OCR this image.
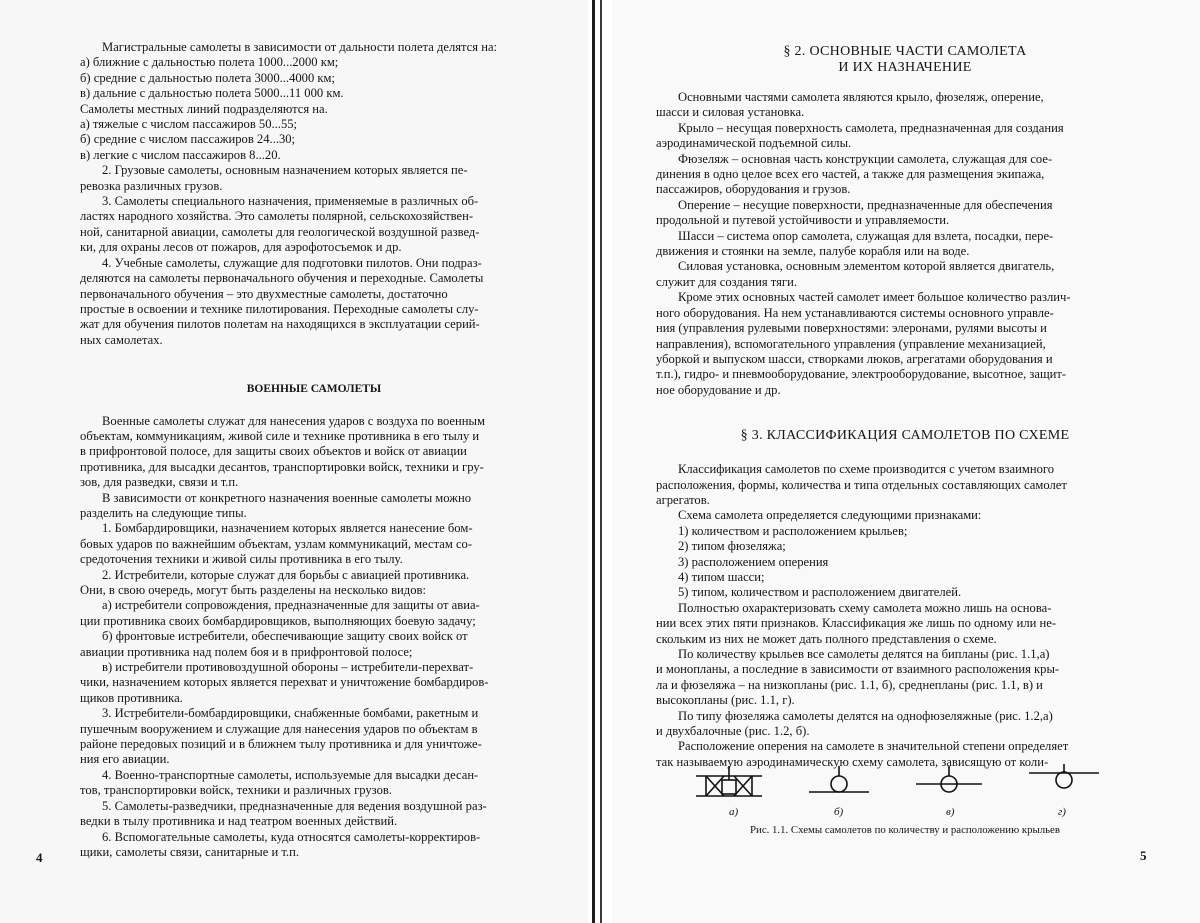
Магистральные самолеты в зависимости от дальности полета делятся на:
а) ближние с дальностью полета 1000...2000 км;
б) средние с дальностью полета 3000...4000 км;
в) дальние с дальностью полета 5000...11 000 км.
Самолеты местных линий подразделяются на.
а) тяжелые с числом пассажиров 50...55;
б) средние с числом пассажиров 24...30;
в) легкие с числом пассажиров 8...20.
2. Грузовые самолеты, основным назначением которых является пе-
ревозка различных грузов.
3. Самолеты специального назначения, применяемые в различных об-
ластях народного хозяйства. Это самолеты полярной, сельскохозяйствен-
ной, санитарной авиации, самолеты для геологической воздушной развед-
ки, для охраны лесов от пожаров, для аэрофотосъемок и др.
4. Учебные самолеты, служащие для подготовки пилотов. Они подраз-
деляются на самолеты первоначального обучения и переходные. Самолеты
первоначального обучения – это двухместные самолеты, достаточно
простые в освоении и технике пилотирования. Переходные самолеты слу-
жат для обучения пилотов полетам на находящихся в эксплуатации серий-
ных самолетах.
ВОЕННЫЕ САМОЛЕТЫ
Военные самолеты служат для нанесения ударов с воздуха по военным
объектам, коммуникациям, живой силе и технике противника в его тылу и
в прифронтовой полосе, для защиты своих объектов и войск от авиации
противника, для высадки десантов, транспортировки войск, техники и гру-
зов, для разведки, связи и т.п.
В зависимости от конкретного назначения военные самолеты можно
разделить на следующие типы.
1. Бомбардировщики, назначением которых является нанесение бом-
бовых ударов по важнейшим объектам, узлам коммуникаций, местам со-
средоточения техники и живой силы противника в его тылу.
2. Истребители, которые служат для борьбы с авиацией противника.
Они, в свою очередь, могут быть разделены на несколько видов:
а) истребители сопровождения, предназначенные для защиты от авиа-
ции противника своих бомбардировщиков, выполняющих боевую задачу;
б) фронтовые истребители, обеспечивающие защиту своих войск от
авиации противника над полем боя и в прифронтовой полосе;
в) истребители противовоздушной обороны – истребители-перехват-
чики, назначением которых является перехват и уничтожение бомбардиров-
щиков противника.
3. Истребители-бомбардировщики, снабженные бомбами, ракетным и
пушечным вооружением и служащие для нанесения ударов по объектам в
районе передовых позиций и в ближнем тылу противника и для уничтоже-
ния его авиации.
4. Военно-транспортные самолеты, используемые для высадки десан-
тов, транспортировки войск, техники и различных грузов.
5. Самолеты-разведчики, предназначенные для ведения воздушной раз-
ведки в тылу противника и над театром военных действий.
6. Вспомогательные самолеты, куда относятся самолеты-корректиров-
щики, самолеты связи, санитарные и т.п.
4
§ 2. ОСНОВНЫЕ ЧАСТИ САМОЛЕТА
И ИХ НАЗНАЧЕНИЕ
Основными частями самолета являются крыло, фюзеляж, оперение,
шасси и силовая установка.
Крыло – несущая поверхность самолета, предназначенная для создания
аэродинамической подъемной силы.
Фюзеляж – основная часть конструкции самолета, служащая для сое-
динения в одно целое всех его частей, а также для размещения экипажа,
пассажиров, оборудования и грузов.
Оперение – несущие поверхности, предназначенные для обеспечения
продольной и путевой устойчивости и управляемости.
Шасси – система опор самолета, служащая для взлета, посадки, пере-
движения и стоянки на земле, палубе корабля или на воде.
Силовая установка, основным элементом которой является двигатель,
служит для создания тяги.
Кроме этих основных частей самолет имеет большое количество различ-
ного оборудования. На нем устанавливаются системы основного управле-
ния (управления рулевыми поверхностями: элеронами, рулями высоты и
направления), вспомогательного управления (управление механизацией,
уборкой и выпуском шасси, створками люков, агрегатами оборудования и
т.п.), гидро- и пневмооборудование, электрооборудование, высотное, защит-
ное оборудование и др.
§ 3. КЛАССИФИКАЦИЯ САМОЛЕТОВ ПО СХЕМЕ
Классификация самолетов по схеме производится с учетом взаимного
расположения, формы, количества и типа отдельных составляющих самолет
агрегатов.
Схема самолета определяется следующими признаками:
1) количеством и расположением крыльев;
2) типом фюзеляжа;
3) расположением оперения
4) типом шасси;
5) типом, количеством и расположением двигателей.
Полностью охарактеризовать схему самолета можно лишь на основа-
нии всех этих пяти признаков. Классификация же лишь по одному или не-
скольким из них не может дать полного представления о схеме.
По количеству крыльев все самолеты делятся на бипланы (рис. 1.1,а)
и монопланы, а последние в зависимости от взаимного расположения кры-
ла и фюзеляжа – на низкопланы (рис. 1.1, б), среднепланы (рис. 1.1, в) и
высокопланы (рис. 1.1, г).
По типу фюзеляжа самолеты делятся на однофюзеляжные (рис. 1.2,а)
и двухбалочные (рис. 1.2, б).
Расположение оперения на самолете в значительной степени определяет
так называемую аэродинамическую схему самолета, зависящую от коли-
а)	б)	в)	г)
Рис. 1.1. Схемы самолетов по количеству и расположению крыльев
5
